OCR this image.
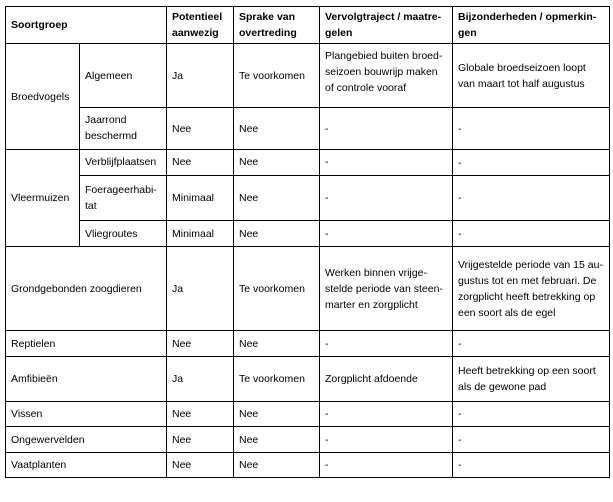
Soortgroep		Potentieel aanwezig	Sprake van overtreding	Vervolgtraject / maatre-gelen	Bijzonderheden / opmerkin-gen
Broedvogels	Algemeen	Ja	Te voorkomen	Plangebied buiten broed-seizoen bouwrijp maken of controle vooraf	Globale broedseizoen loopt van maart tot half augustus
	Jaarrond beschermd	Nee	Nee	-	-
Vleermuizen	Verblijfplaatsen	Nee	Nee	-	-
	Foerageerhabi-tat	Minimaal	Nee	-	-
	Vliegroutes	Minimaal	Nee	-	-
Grondgebonden zoogdieren		Ja	Te voorkomen	Werken binnen vrijge-stelde periode van steen-marter en zorgplicht	Vrijgestelde periode van 15 au-gustus tot en met februari. De zorgplicht heeft betrekking op een soort als de egel
Reptielen		Nee	Nee	-	-
Amfibieën		Ja	Te voorkomen	Zorgplicht afdoende	Heeft betrekking op een soort als de gewone pad
Vissen		Nee	Nee	-	-
Ongewervelden		Nee	Nee	-	-
Vaatplanten		Nee	Nee	-	-
